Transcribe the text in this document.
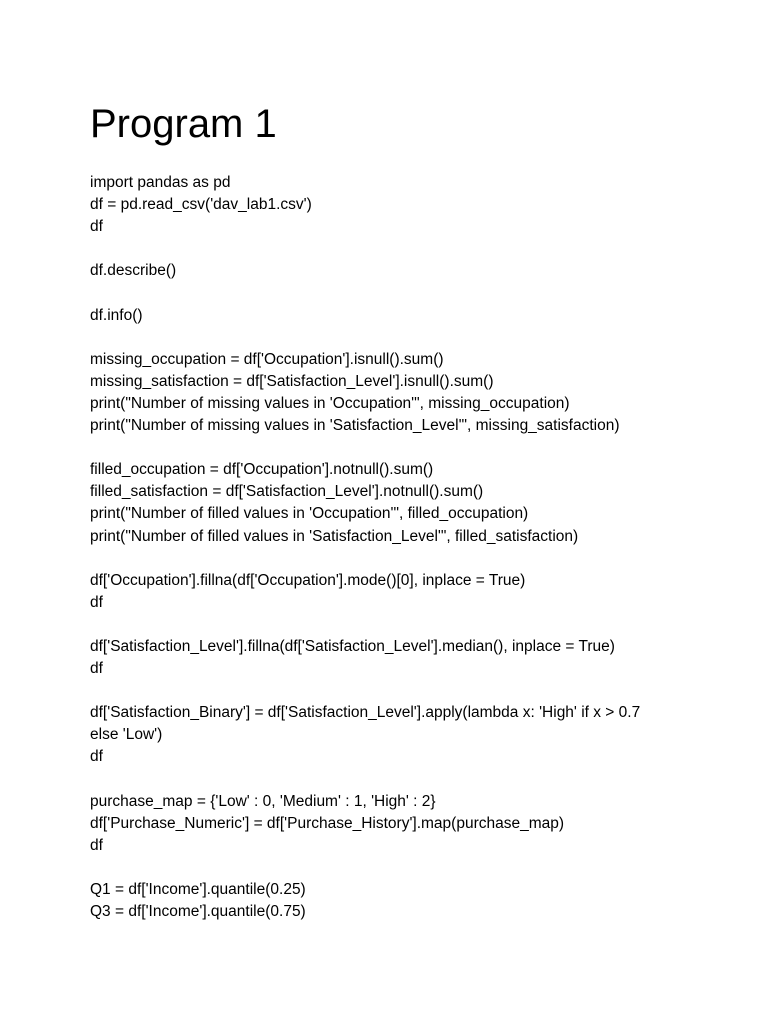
Program 1
import pandas as pd
df = pd.read_csv('dav_lab1.csv')
df

df.describe()

df.info()

missing_occupation = df['Occupation'].isnull().sum()
missing_satisfaction = df['Satisfaction_Level'].isnull().sum()
print("Number of missing values in 'Occupation'", missing_occupation)
print("Number of missing values in 'Satisfaction_Level'", missing_satisfaction)

filled_occupation = df['Occupation'].notnull().sum()
filled_satisfaction = df['Satisfaction_Level'].notnull().sum()
print("Number of filled values in 'Occupation'", filled_occupation)
print("Number of filled values in 'Satisfaction_Level'", filled_satisfaction)

df['Occupation'].fillna(df['Occupation'].mode()[0], inplace = True)
df

df['Satisfaction_Level'].fillna(df['Satisfaction_Level'].median(), inplace = True)
df

df['Satisfaction_Binary'] = df['Satisfaction_Level'].apply(lambda x: 'High' if x > 0.7
else 'Low')
df

purchase_map = {'Low' : 0, 'Medium' : 1, 'High' : 2}
df['Purchase_Numeric'] = df['Purchase_History'].map(purchase_map)
df

Q1 = df['Income'].quantile(0.25)
Q3 = df['Income'].quantile(0.75)
